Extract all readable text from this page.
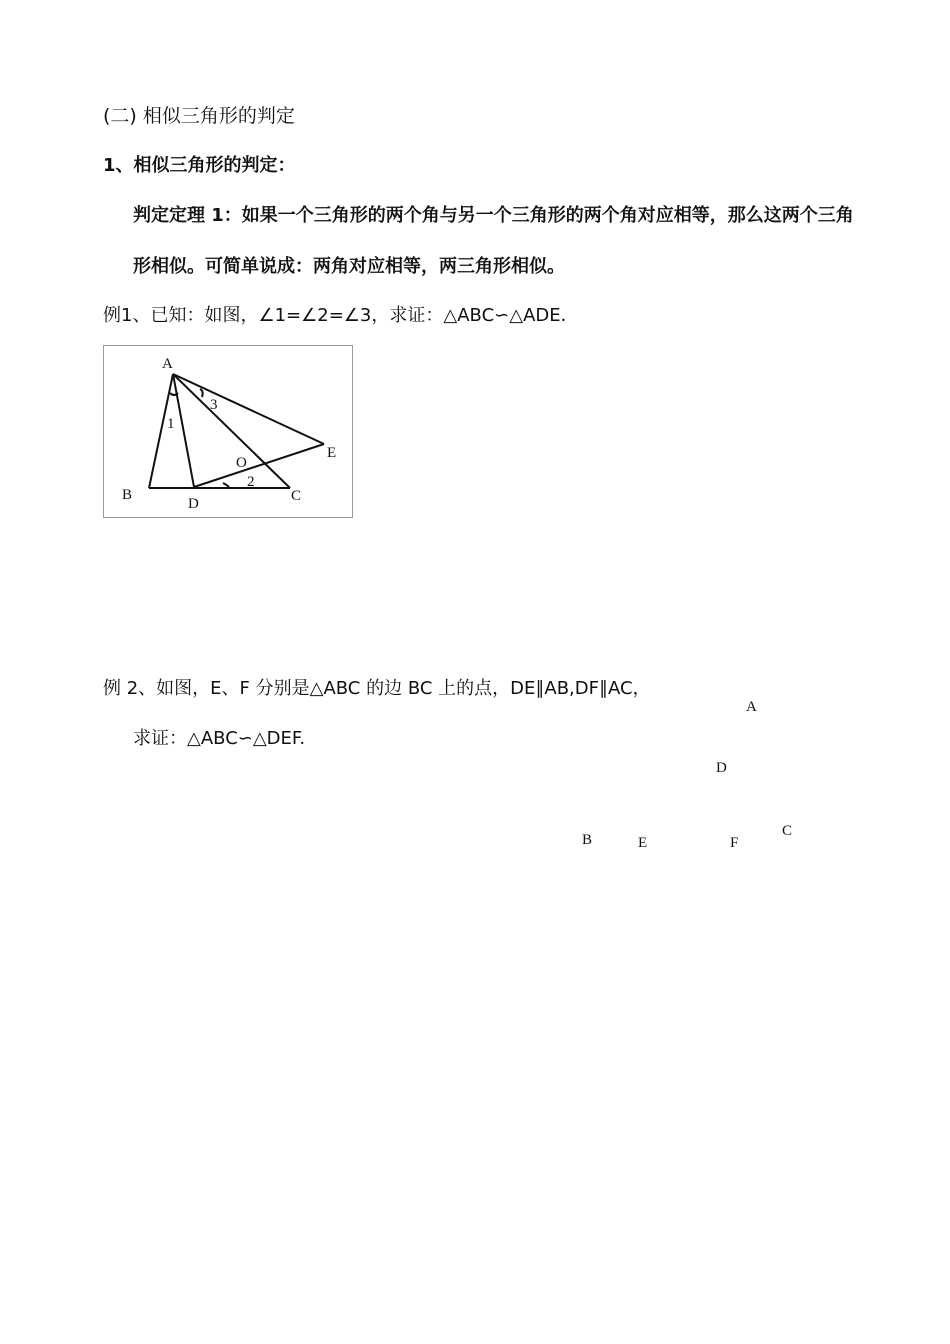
(二) 相似三角形的判定
1、相似三角形的判定：
判定定理 1：如果一个三角形的两个角与另一个三角形的两个角对应相等，那么这两个三角
形相似。可简单说成：两角对应相等，两三角形相似。
例1、已知：如图，∠1=∠2=∠3，求证：△ABC∽△ADE．
A
B	C
D
E
O
1
2
3
例 2、如图，E、F 分别是△ABC 的边 BC 上的点，DE∥AB,DF∥AC，
求证：△ABC∽△DEF.
A
D
B	E	F
C
